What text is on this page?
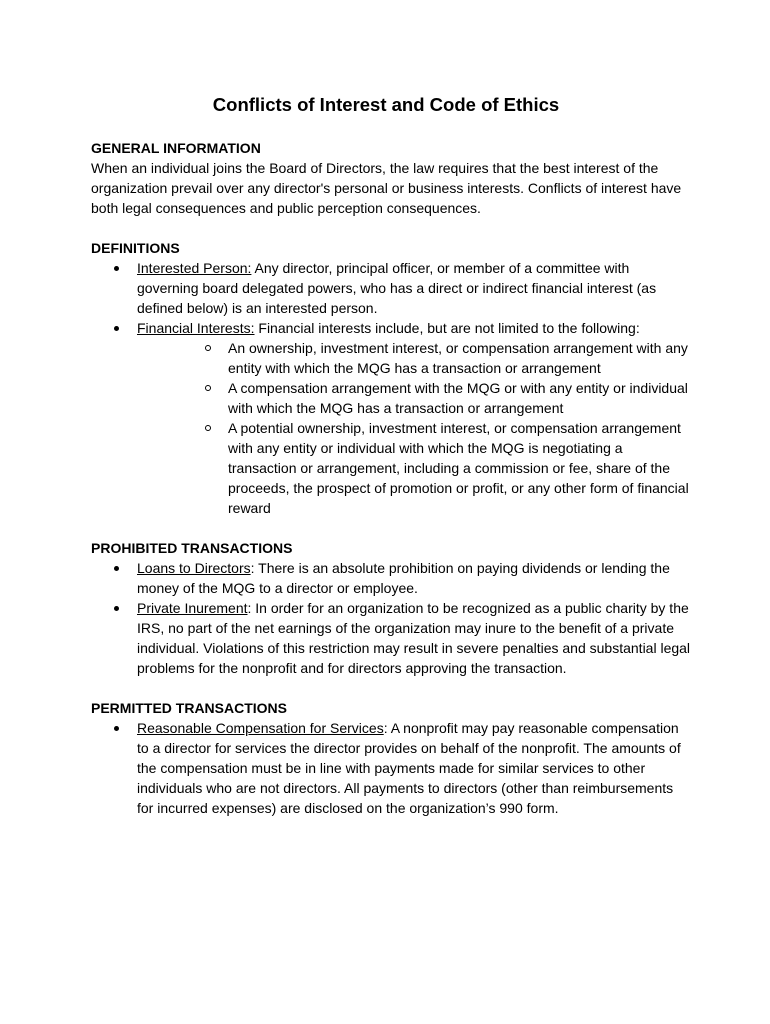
Conflicts of Interest and Code of Ethics

GENERAL INFORMATION

When an individual joins the Board of Directors, the law requires that the best interest of the organization prevail over any director's personal or business interests. Conflicts of interest have both legal consequences and public perception consequences.

DEFINITIONS

Interested Person: Any director, principal officer, or member of a committee with governing board delegated powers, who has a direct or indirect financial interest (as defined below) is an interested person.
Financial Interests: Financial interests include, but are not limited to the following:
An ownership, investment interest, or compensation arrangement with any entity with which the MQG has a transaction or arrangement
A compensation arrangement with the MQG or with any entity or individual with which the MQG has a transaction or arrangement
A potential ownership, investment interest, or compensation arrangement with any entity or individual with which the MQG is negotiating a transaction or arrangement, including a commission or fee, share of the proceeds, the prospect of promotion or profit, or any other form of financial reward

PROHIBITED TRANSACTIONS

Loans to Directors: There is an absolute prohibition on paying dividends or lending the money of the MQG to a director or employee.
Private Inurement: In order for an organization to be recognized as a public charity by the IRS, no part of the net earnings of the organization may inure to the benefit of a private individual. Violations of this restriction may result in severe penalties and substantial legal problems for the nonprofit and for directors approving the transaction.

PERMITTED TRANSACTIONS

Reasonable Compensation for Services: A nonprofit may pay reasonable compensation to a director for services the director provides on behalf of the nonprofit. The amounts of the compensation must be in line with payments made for similar services to other individuals who are not directors. All payments to directors (other than reimbursements for incurred expenses) are disclosed on the organization’s 990 form.
